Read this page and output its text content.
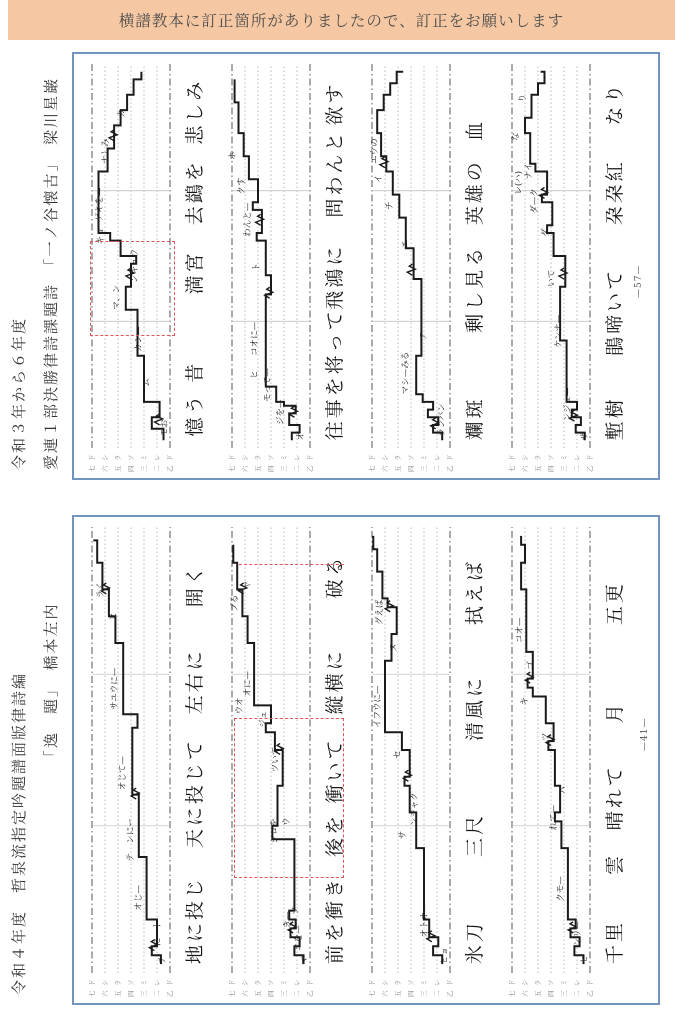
横譜教本に訂正箇所がありましたので、訂正をお願いします
令和３年から６年度 愛連１部決勝律詩課題詩　「一ノ谷懐古」　梁川星巌	七
ド
六
シ
五
ラ
四
ソ
三
ミ
二
レ
乙
ド
モお
ム
カシ—
マ、ン
ンキュウ
キョ
ゲキを—
ナしみ
カ
憶う
昔
満宮
去鷁を
悲しみ
七
ド
六
シ
五
ラ
四
ソ
三
ミ
二
レ
乙
ド
オ
ジを—
モって—
ヒ
コオに—
ト
わんと—
クす
ホ
往事を将って
飛鴻に
問わんと
欲す
七
ド
六
シ
五
ラ
四
ソ
三
ミ
二
レ
乙
ド
ランパン
ア
マシ—みる
エ
チ
イ
エウの
斕斑
剰し見る
英雄の
血
七
ド
六
シ
五
ラ
四
ソ
三
ミ
二
レ
乙
ド
ザ
ンジュ—
ケンナ—
いて
ダ
ダ—ク
ナイ
レ(ハ)
な
り
塹樹
鵑啼いて
朶朶紅
なり
—57—
令和４年度　哲泉流指定吟題譜面版律詩編 「逸　題」　橋本左内
七
ド
六
シ
五
ラ
四
ソ
三
ミ
二
レ
乙
ド
チ
にート
オじ—
テ
ンにー
オじて—
サユウに—
ヒ
ラく
地に投じ
天に投じて
左右に
開く
七
ド
六
シ
五
ラ
四
ソ
三
ミ
二
レ
乙
ド
マ
エを—
き—
ツ
シロを ウ
ツいて
ジュ
オに—
ウオ
ヤ
ブる
前を衝き
後を
衝いて
縦横に
破る
七
ド
六
シ
五
ラ
四
ソ
三
ミ
二
レ
乙
ド
ヒョ
オトオ—
サ
ンジャク
セ
イフウに—
ヌ
グえば
氷刀
三尺
清風に
拭えば
七
ド
六
シ
五
ラ
四
ソ
三
ミ
二
レ
乙
ド
セ
ンリ—
クモ—
れて—
ハ
ツ
キ
コオ—
ゴ
千里
雲
晴れて
月
五更
—41—
